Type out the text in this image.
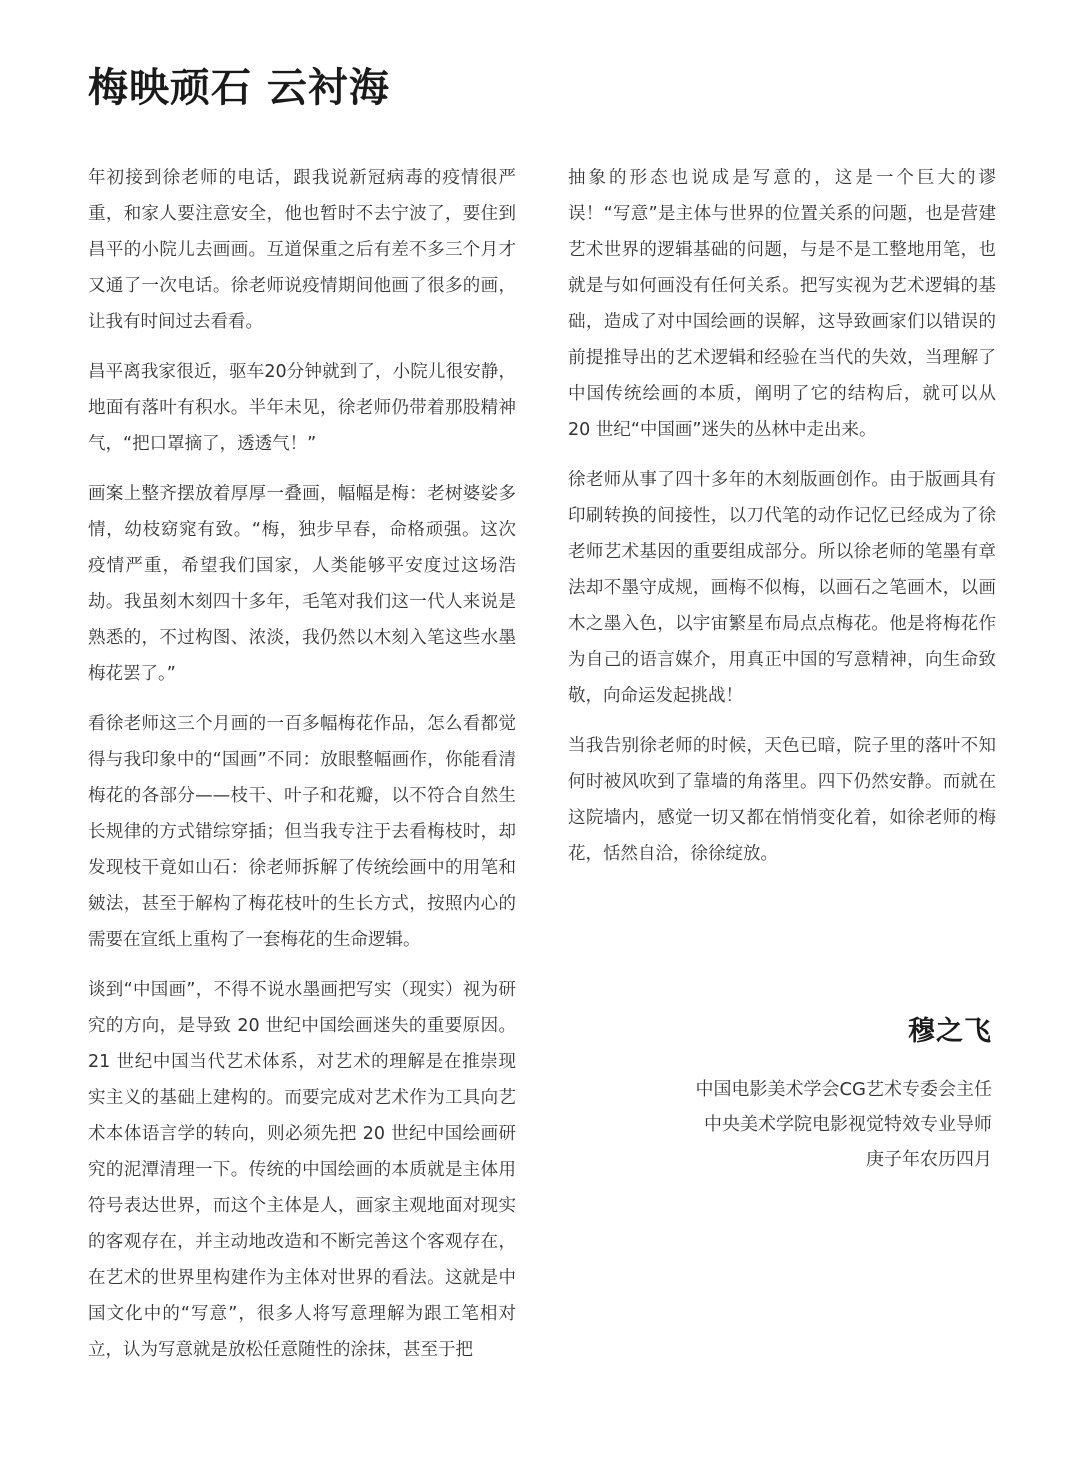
梅映顽石 云衬海

年初接到徐老师的电话，跟我说新冠病毒的疫情很严重，和家人要注意安全，他也暂时不去宁波了，要住到昌平的小院儿去画画。互道保重之后有差不多三个月才又通了一次电话。徐老师说疫情期间他画了很多的画，让我有时间过去看看。

昌平离我家很近，驱车20分钟就到了，小院儿很安静，地面有落叶有积水。半年未见，徐老师仍带着那股精神气，“把口罩摘了，透透气！”

画案上整齐摆放着厚厚一叠画，幅幅是梅：老树婆娑多情，幼枝窈窕有致。“梅，独步早春，命格顽强。这次疫情严重，希望我们国家，人类能够平安度过这场浩劫。我虽刻木刻四十多年，毛笔对我们这一代人来说是熟悉的，不过构图、浓淡，我仍然以木刻入笔这些水墨梅花罢了。”

看徐老师这三个月画的一百多幅梅花作品，怎么看都觉得与我印象中的“国画”不同：放眼整幅画作，你能看清梅花的各部分——枝干、叶子和花瓣，以不符合自然生长规律的方式错综穿插；但当我专注于去看梅枝时，却发现枝干竟如山石：徐老师拆解了传统绘画中的用笔和皴法，甚至于解构了梅花枝叶的生长方式，按照内心的需要在宣纸上重构了一套梅花的生命逻辑。

谈到“中国画”，不得不说水墨画把写实（现实）视为研究的方向，是导致 20 世纪中国绘画迷失的重要原因。21 世纪中国当代艺术体系，对艺术的理解是在推崇现实主义的基础上建构的。而要完成对艺术作为工具向艺术本体语言学的转向，则必须先把 20 世纪中国绘画研究的泥潭清理一下。传统的中国绘画的本质就是主体用符号表达世界，而这个主体是人，画家主观地面对现实的客观存在，并主动地改造和不断完善这个客观存在，在艺术的世界里构建作为主体对世界的看法。这就是中国文化中的“写意”，很多人将写意理解为跟工笔相对立，认为写意就是放松任意随性的涂抹，甚至于把

抽象的形态也说成是写意的，这是一个巨大的谬误！“写意”是主体与世界的位置关系的问题，也是营建艺术世界的逻辑基础的问题，与是不是工整地用笔，也就是与如何画没有任何关系。把写实视为艺术逻辑的基础，造成了对中国绘画的误解，这导致画家们以错误的前提推导出的艺术逻辑和经验在当代的失效，当理解了中国传统绘画的本质，阐明了它的结构后，就可以从 20 世纪“中国画”迷失的丛林中走出来。

徐老师从事了四十多年的木刻版画创作。由于版画具有印刷转换的间接性，以刀代笔的动作记忆已经成为了徐老师艺术基因的重要组成部分。所以徐老师的笔墨有章法却不墨守成规，画梅不似梅，以画石之笔画木，以画木之墨入色，以宇宙繁星布局点点梅花。他是将梅花作为自己的语言媒介，用真正中国的写意精神，向生命致敬，向命运发起挑战！

当我告别徐老师的时候，天色已暗，院子里的落叶不知何时被风吹到了靠墙的角落里。四下仍然安静。而就在这院墙内，感觉一切又都在悄悄变化着，如徐老师的梅花，恬然自洽，徐徐绽放。

穆之飞
中国电影美术学会CG艺术专委会主任
中央美术学院电影视觉特效专业导师
庚子年农历四月
